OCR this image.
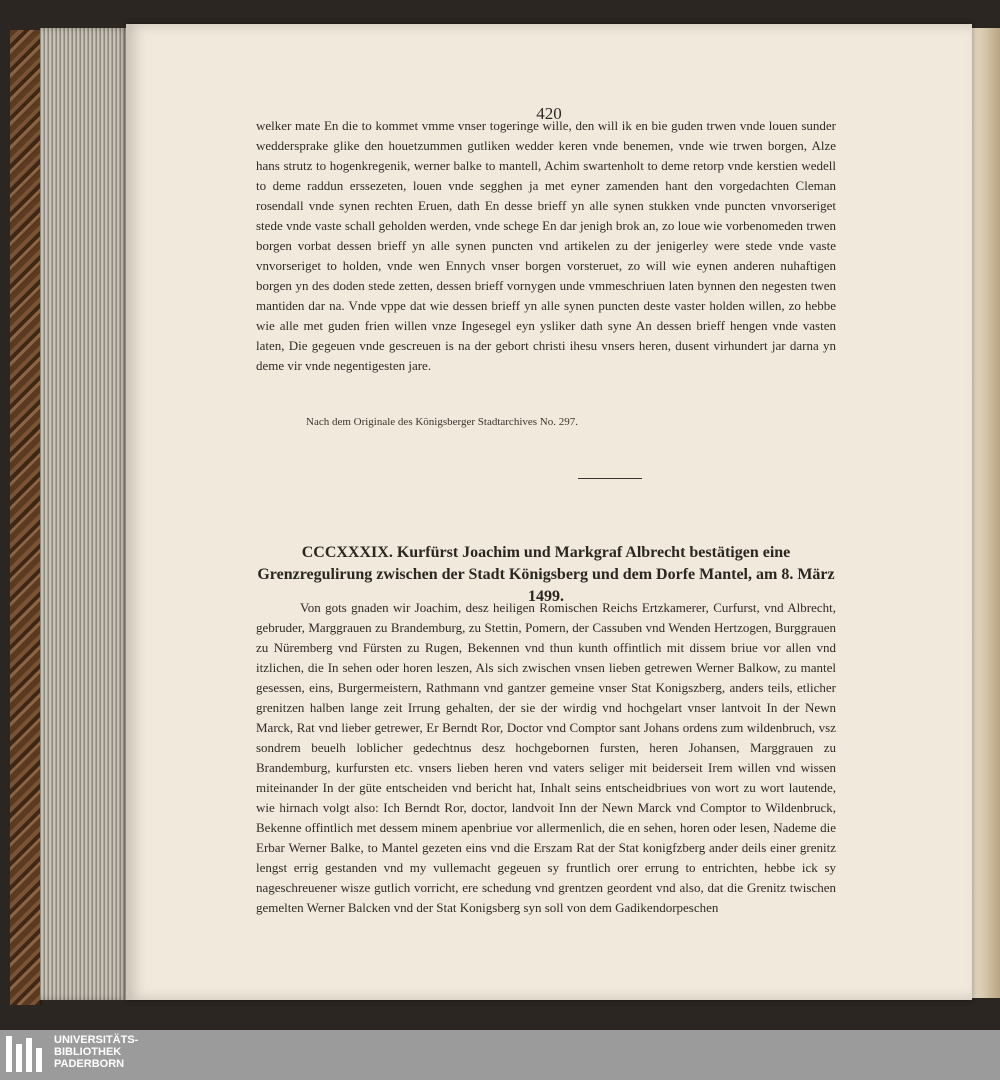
420

welker mate En die to kommet vmme vnser togeringe wille, den will ik en bie guden trwen vnde louen sunder weddersprake glike den houetzummen gutliken wedder keren vnde benemen, vnde wie trwen borgen, Alze hans strutz to hogenkregenik, werner balke to mantell, Achim swartenholt to deme retorp vnde kerstien wedell to deme raddun erssezeten, louen vnde segghen ja met eyner zamenden hant den vorgedachten Cleman rosendall vnde synen rechten Eruen, dath En desse brieff yn alle synen stukken vnde puncten vnvorseriget stede vnde vaste schall geholden werden, vnde schege En dar jenigh brok an, zo loue wie vorbenomeden trwen borgen vorbat dessen brieff yn alle synen puncten vnd artikelen zu der jenigerley were stede vnde vaste vnvorseriget to holden, vnde wen Ennych vnser borgen vorsteruet, zo will wie eynen anderen nuhaftigen borgen yn des doden stede zetten, dessen brieff vornygen unde vmmeschriuen laten bynnen den negesten twen mantiden dar na. Vnde vppe dat wie dessen brieff yn alle synen puncten deste vaster holden willen, zo hebbe wie alle met guden frien willen vnze Ingesegel eyn ysliker dath syne An dessen brieff hengen vnde vasten laten, Die gegeuen vnde gescreuen is na der gebort christi ihesu vnsers heren, dusent virhundert jar darna yn deme vir vnde negentigesten jare.

Nach dem Originale des Königsberger Stadtarchives No. 297.

CCCXXXIX. Kurfürst Joachim und Markgraf Albrecht bestätigen eine Grenzregulirung zwischen der Stadt Königsberg und dem Dorfe Mantel, am 8. März 1499.

Von gots gnaden wir Joachim, desz heiligen Romischen Reichs Ertzkamerer, Curfurst, vnd Albrecht, gebruder, Marggrauen zu Brandemburg, zu Stettin, Pomern, der Cassuben vnd Wenden Hertzogen, Burggrauen zu Nüremberg vnd Fürsten zu Rugen, Bekennen vnd thun kunth offintlich mit dissem briue vor allen vnd itzlichen, die In sehen oder horen leszen, Als sich zwischen vnsen lieben getrewen Werner Balkow, zu mantel gesessen, eins, Burgermeistern, Rathmann vnd gantzer gemeine vnser Stat Konigszberg, anders teils, etlicher grenitzen halben lange zeit Irrung gehalten, der sie der wirdig vnd hochgelart vnser lantvoit In der Newn Marck, Rat vnd lieber getrewer, Er Berndt Ror, Doctor vnd Comptor sant Johans ordens zum wildenbruch, vsz sondrem beuelh loblicher gedechtnus desz hochgebornen fursten, heren Johansen, Marggrauen zu Brandemburg, kurfursten etc. vnsers lieben heren vnd vaters seliger mit beiderseit Irem willen vnd wissen miteinander In der güte entscheiden vnd bericht hat, Inhalt seins entscheidbriues von wort zu wort lautende, wie hirnach volgt also: Ich Berndt Ror, doctor, landvoit Inn der Newn Marck vnd Comptor to Wildenbruck, Bekenne offintlich met dessem minem apenbriue vor allermenlich, die en sehen, horen oder lesen, Nademe die Erbar Werner Balke, to Mantel gezeten eins vnd die Erszam Rat der Stat konigfzberg ander deils einer grenitz lengst errig gestanden vnd my vullemacht gegeuen sy fruntlich orer errung to entrichten, hebbe ick sy nageschreuener wisze gutlich vorricht, ere schedung vnd grentzen geordent vnd also, dat die Grenitz twischen gemelten Werner Balcken vnd der Stat Konigsberg syn soll von dem Gadikendorpeschen

UNIVERSITÄTS-
BIBLIOTHEK
PADERBORN
